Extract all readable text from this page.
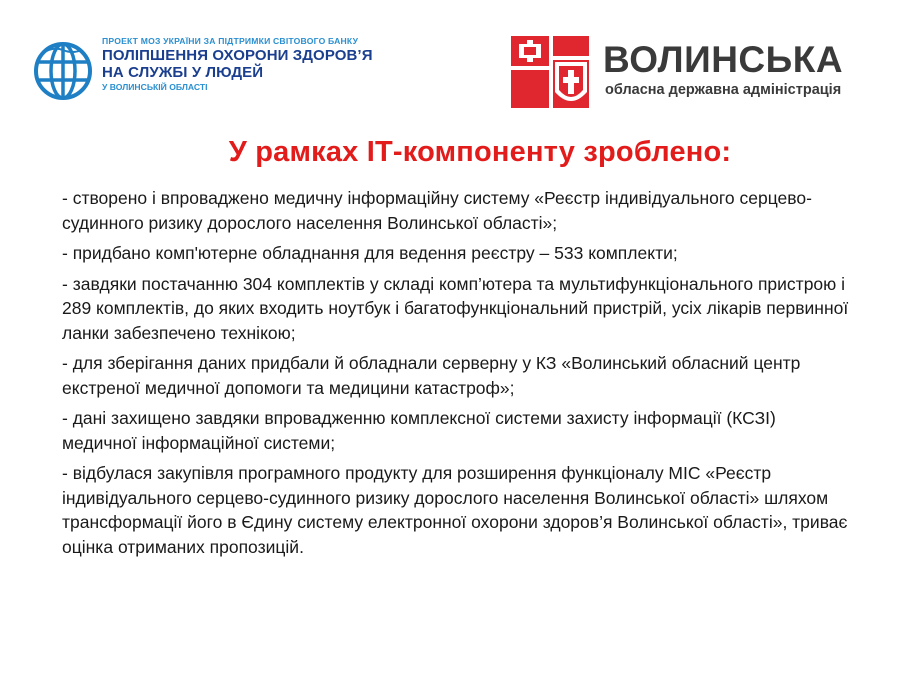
ПРОЕКТ МОЗ УКРАЇНИ ЗА ПІДТРИМКИ СВІТОВОГО БАНКУ
ПОЛІПШЕННЯ ОХОРОНИ ЗДОРОВ’Я
НА СЛУЖБІ У ЛЮДЕЙ
У ВОЛИНСЬКІЙ ОБЛАСТІ
ВОЛИНСЬКА
обласна державна адміністрація
У рамках ІТ-компоненту зроблено:

- створено і впроваджено медичну інформаційну систему «Реєстр індивідуального серцево-судинного ризику дорослого населення Волинської області»;

- придбано комп'ютерне обладнання для ведення реєстру – 533 комплекти;

- завдяки постачанню 304 комплектів у складі комп’ютера та мультифункціонального пристрою і 289 комплектів, до яких входить ноутбук і багатофункціональний пристрій, усіх лікарів первинної ланки забезпечено технікою;

- для зберігання даних придбали й обладнали серверну у КЗ «Волинський обласний центр екстреної медичної допомоги та медицини катастроф»;

- дані захищено завдяки впровадженню комплексної системи захисту інформації (КСЗІ) медичної інформаційної системи;

- відбулася закупівля програмного продукту для розширення функціоналу МІС «Реєстр індивідуального серцево-судинного ризику дорослого населення Волинської області» шляхом трансформації його в Єдину систему електронної охорони здоров’я Волинської області», триває оцінка отриманих пропозицій.
